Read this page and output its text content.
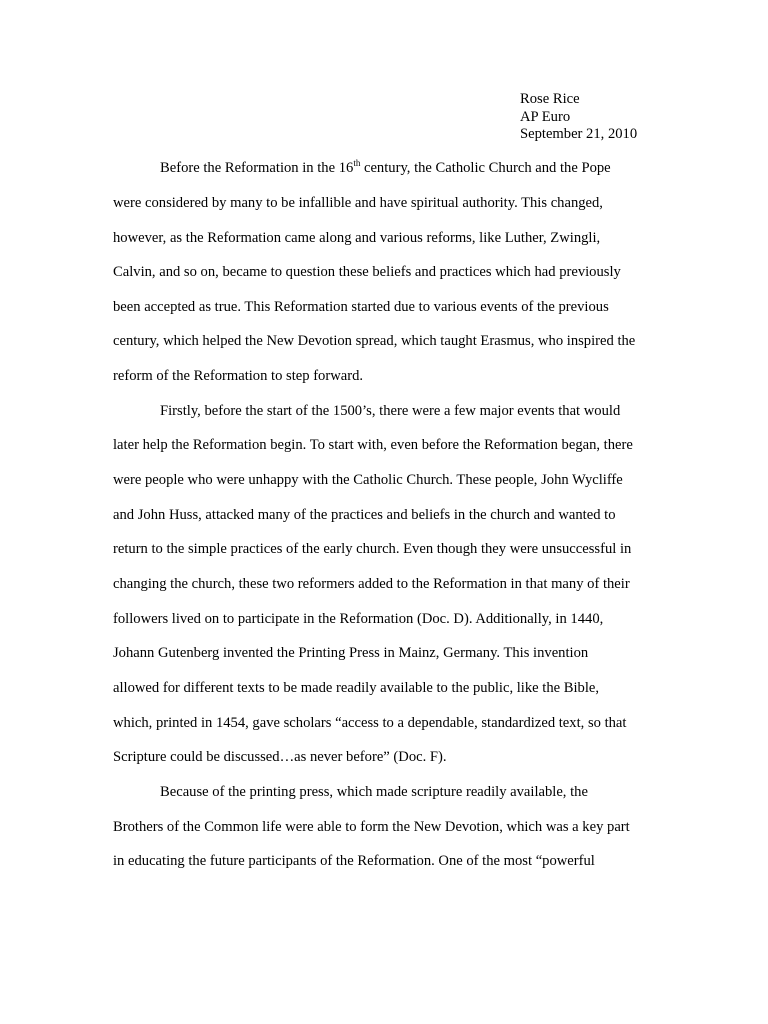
Rose Rice
AP Euro
September 21, 2010
Before the Reformation in the 16th century, the Catholic Church and the Pope
were considered by many to be infallible and have spiritual authority. This changed,
however, as the Reformation came along and various reforms, like Luther, Zwingli,
Calvin, and so on, became to question these beliefs and practices which had previously
been accepted as true. This Reformation started due to various events of the previous
century, which helped the New Devotion spread, which taught Erasmus, who inspired the
reform of the Reformation to step forward.
Firstly, before the start of the 1500’s, there were a few major events that would
later help the Reformation begin. To start with, even before the Reformation began, there
were people who were unhappy with the Catholic Church. These people, John Wycliffe
and John Huss, attacked many of the practices and beliefs in the church and wanted to
return to the simple practices of the early church. Even though they were unsuccessful in
changing the church, these two reformers added to the Reformation in that many of their
followers lived on to participate in the Reformation (Doc. D). Additionally, in 1440,
Johann Gutenberg invented the Printing Press in Mainz, Germany. This invention
allowed for different texts to be made readily available to the public, like the Bible,
which, printed in 1454, gave scholars “access to a dependable, standardized text, so that
Scripture could be discussed…as never before” (Doc. F).
Because of the printing press, which made scripture readily available, the
Brothers of the Common life were able to form the New Devotion, which was a key part
in educating the future participants of the Reformation. One of the most “powerful
